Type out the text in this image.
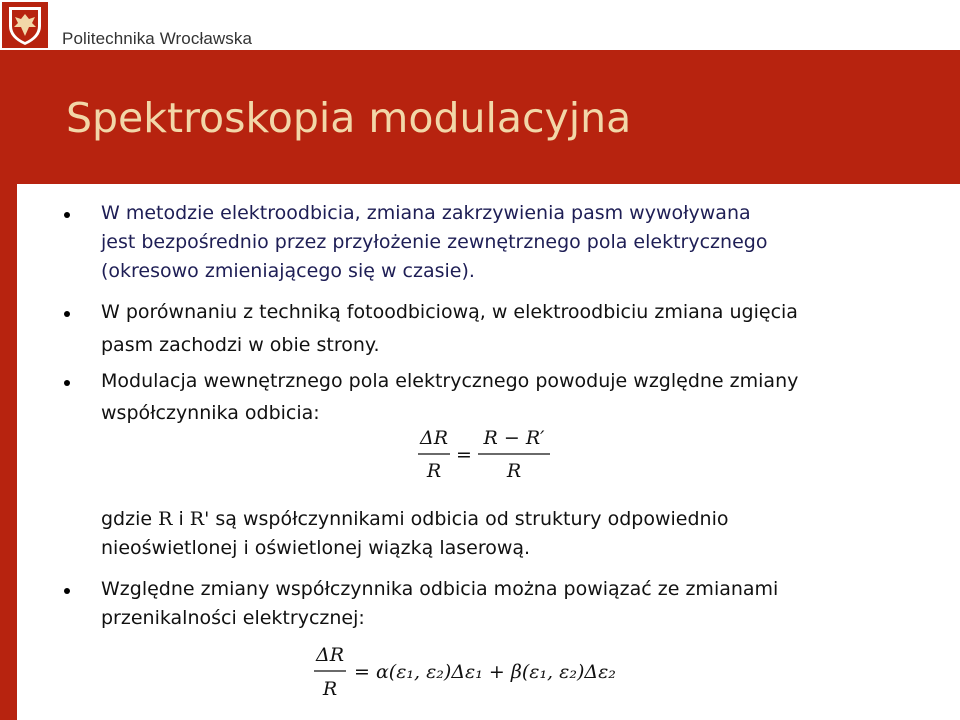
Politechnika Wrocławska
Spektroskopia modulacyjna
W metodzie elektroodbicia, zmiana zakrzywienia pasm wywoływana
jest bezpośrednio przez przyłożenie zewnętrznego pola elektrycznego
(okresowo zmieniającego się w czasie).
W porównaniu z techniką fotoodbiciową, w elektroodbiciu zmiana ugięcia
pasm zachodzi w obie strony.
Modulacja wewnętrznego pola elektrycznego powoduje względne zmiany
współczynnika odbicia:
ΔR
R
=
R − R′
R
gdzie R i R' są współczynnikami odbicia od struktury odpowiednio
nieoświetlonej i oświetlonej wiązką laserową.
Względne zmiany współczynnika odbicia można powiązać ze zmianami
przenikalności elektrycznej:
ΔR
R
= α(ε₁, ε₂)Δε₁ + β(ε₁, ε₂)Δε₂
